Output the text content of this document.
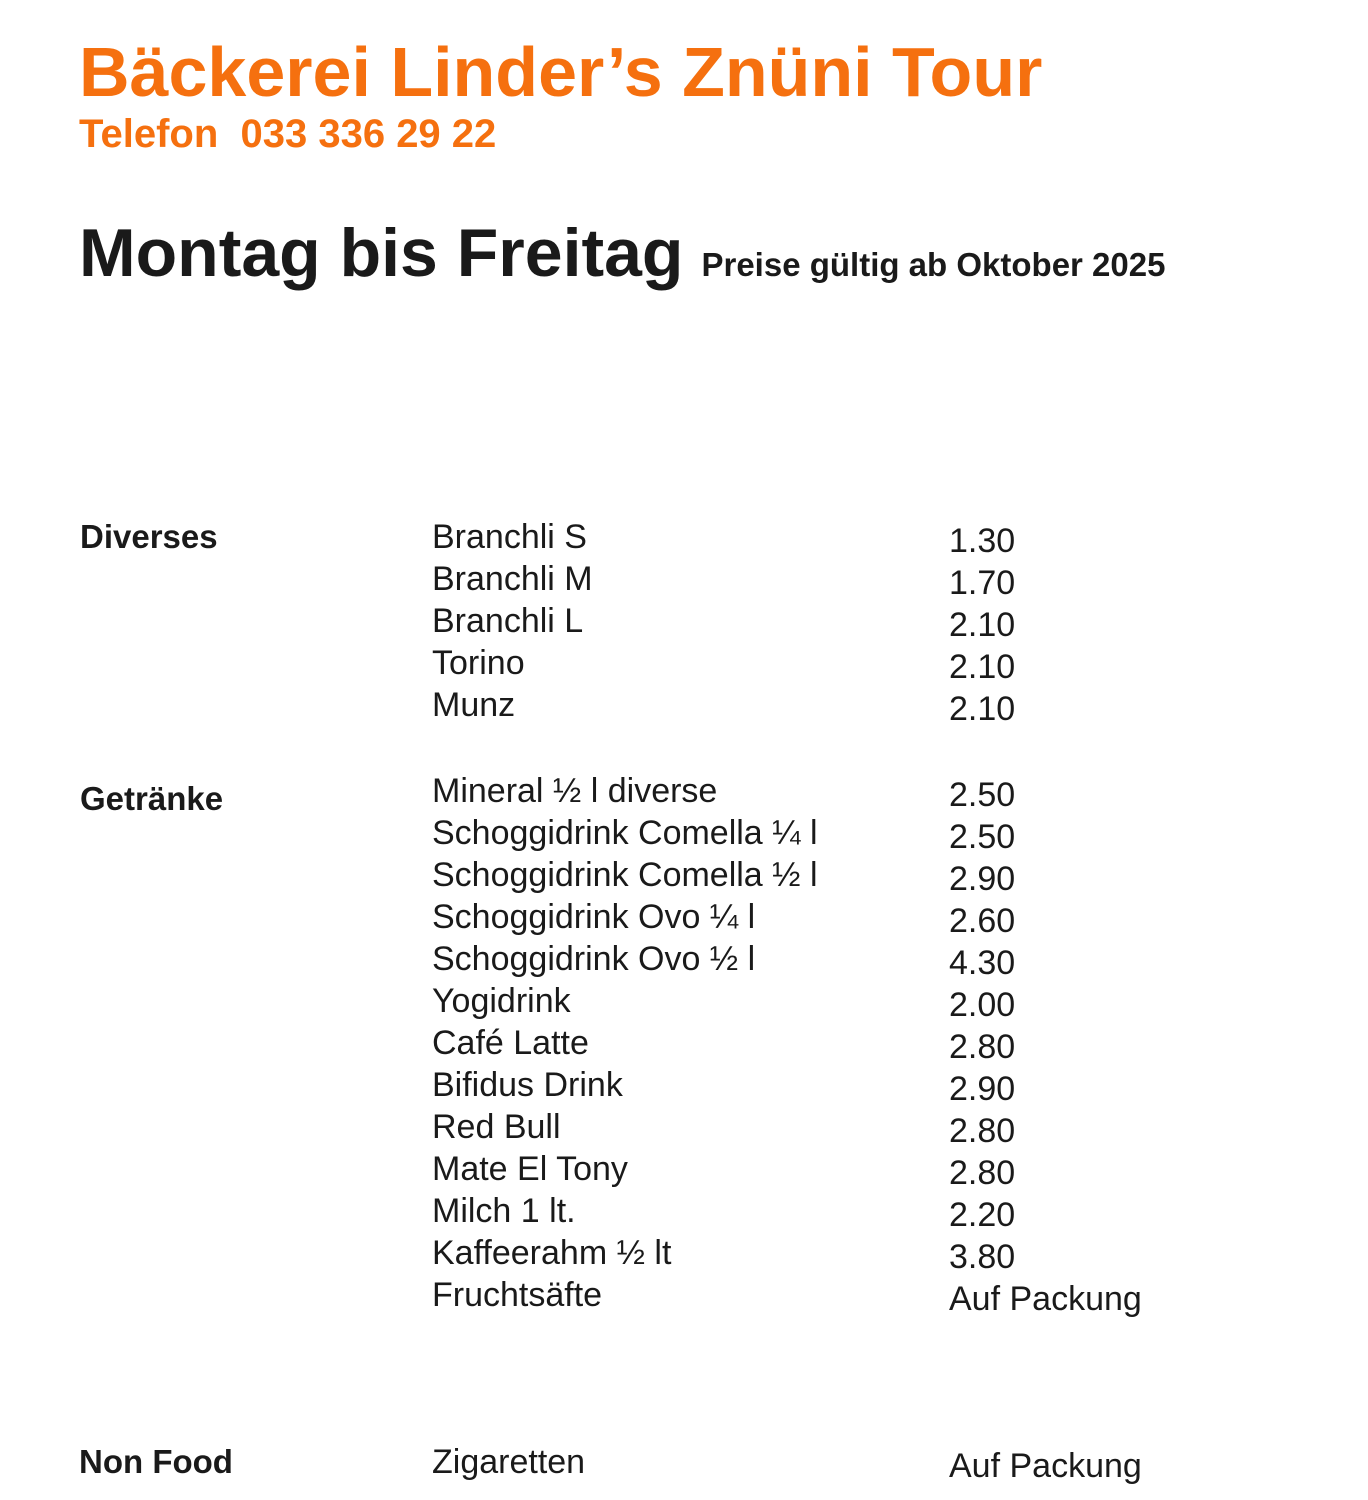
Bäckerei Linder’s Znüni Tour
Telefon  033 336 29 22
Montag bis Freitag Preise gültig ab Oktober 2025
Diverses	Branchli S	1.30
Branchli M	1.70
Branchli L	2.10
Torino	2.10
Munz	2.10
Getränke	Mineral ½ l diverse	2.50
Schoggidrink Comella ¼ l	2.50
Schoggidrink Comella ½ l	2.90
Schoggidrink Ovo ¼ l	2.60
Schoggidrink Ovo ½ l	4.30
Yogidrink	2.00
Café Latte	2.80
Bifidus Drink	2.90
Red Bull	2.80
Mate El Tony	2.80
Milch 1 lt.	2.20
Kaffeerahm ½ lt	3.80
Fruchtsäfte	Auf Packung
Non Food	Zigaretten	Auf Packung
